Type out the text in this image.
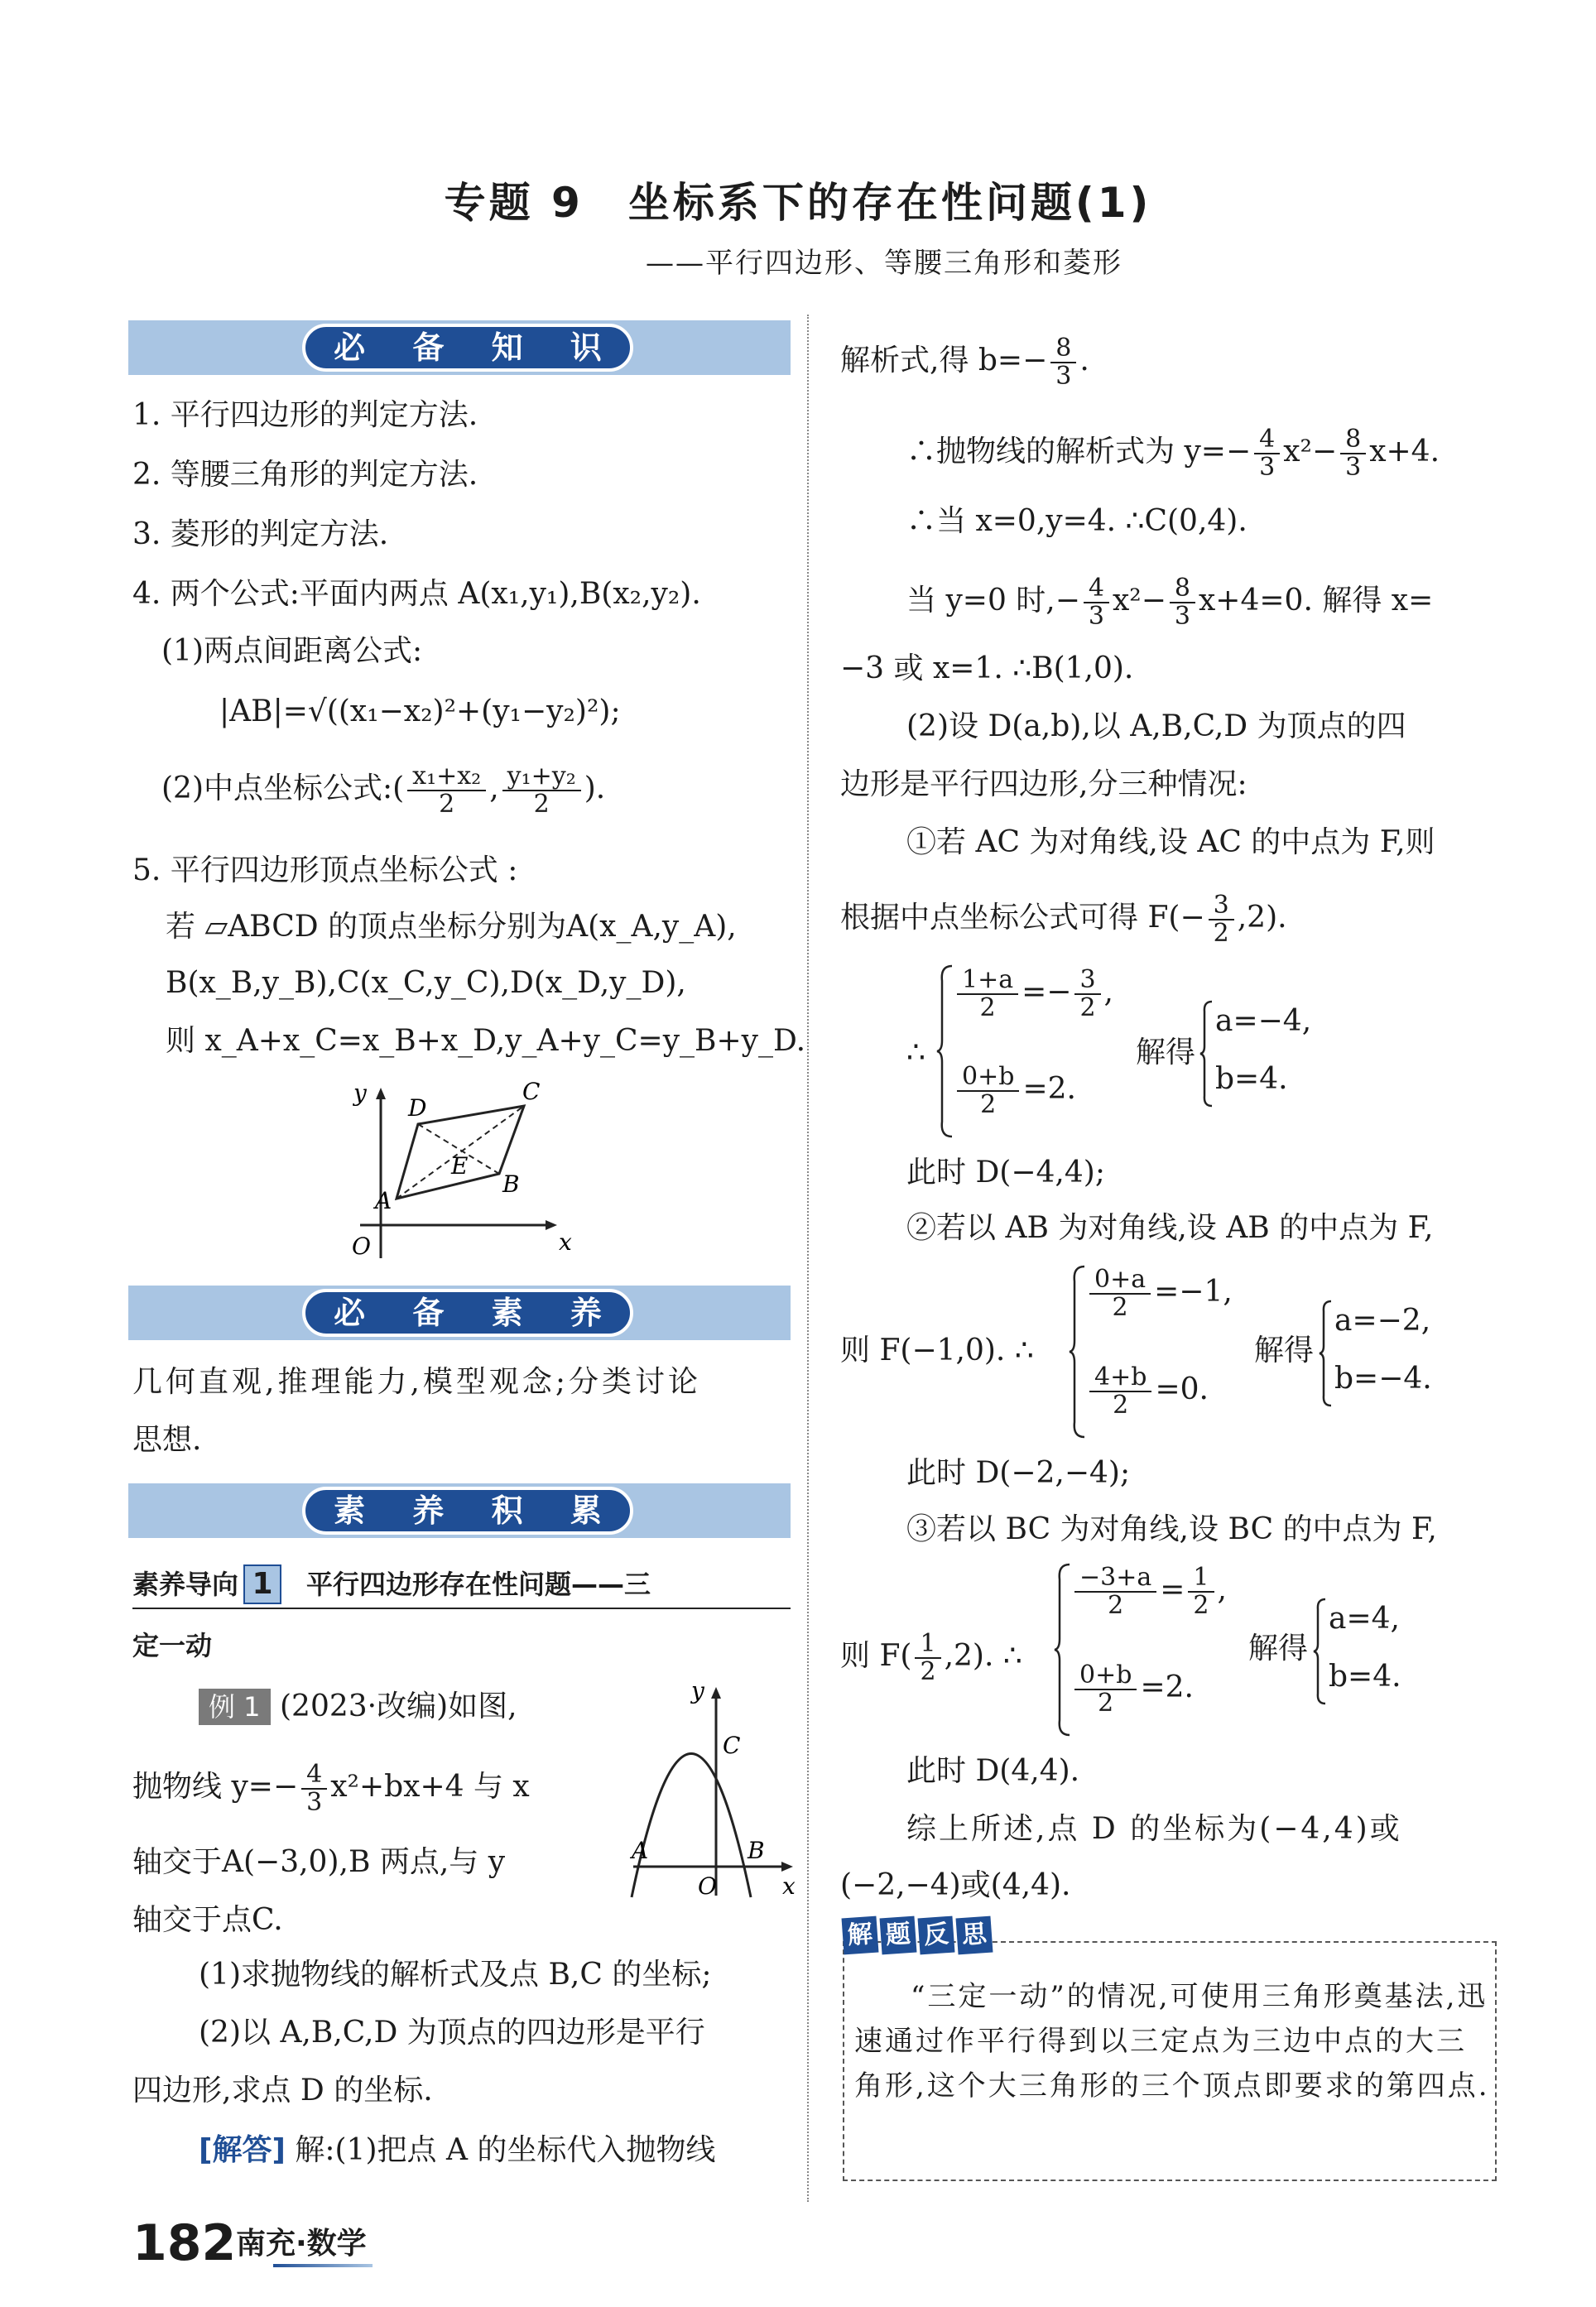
专题 9　坐标系下的存在性问题(1)
——平行四边形、等腰三角形和菱形
必 备 知 识
1. 平行四边形的判定方法.
2. 等腰三角形的判定方法.
3. 菱形的判定方法.
4. 两个公式:平面内两点 A(x₁,y₁),B(x₂,y₂).
(1)两点间距离公式:
|AB|=√((x₁−x₂)²+(y₁−y₂)²);
(2)中点坐标公式:( $\frac{\text{x₁+x₂}}{2}$ , $\frac{\text{y₁+y₂}}{2}$ ).
5. 平行四边形顶点坐标公式 :
若 ▱ABCD 的顶点坐标分别为A(x_A,y_A),
B(x_B,y_B),C(x_C,y_C),D(x_D,y_D),
则 x_A+x_C=x_B+x_D,y_A+y_C=y_B+y_D.
y
x
O
A
B
C
D
E
必 备 素 养
几何直观,推理能力,模型观念;分类讨论
思想.
素 养 积 累
素养导向 1 平行四边形存在性问题——三
定一动
例 1 (2023·改编)如图,
抛物线 $y=- \frac{4}{3} x^2+bx+4$ 与 x
轴交于A(−3,0),B 两点,与 y
轴交于点C.
(1)求抛物线的解析式及点 B,C 的坐标;
(2)以 A,B,C,D 为顶点的四边形是平行
四边形,求点 D 的坐标.
[解答] 解:(1)把点 A 的坐标代入抛物线
y
x
O
A	B
C
解析式,得 $b=- \frac{8}{3}$ .
∴抛物线的解析式为 $y=- \frac{4}{3} x^2- \frac{8}{3} x+4$.
∴当 x=0,y=4. ∴C(0,4).
当 y=0 时,− $\frac{4}{3} x^2- \frac{8}{3} x+4=0$. 解得 x=
−3 或 x=1. ∴B(1,0).
(2)设 D(a,b),以 A,B,C,D 为顶点的四
边形是平行四边形,分三种情况:
①若 AC 为对角线,设 AC 的中点为 F,则
根据中点坐标公式可得 $F(- \frac{3}{2} ,2)$.
∴
$\frac{1+a}{2} =- \frac{3}{2}$ ,
$\frac{0+b}{2} =2$.
解得
a=−4,
b=4.
此时 D(−4,4);
②若以 AB 为对角线,设 AB 的中点为 F,
则 F(−1,0). ∴
$\frac{0+a}{2} =-1$,
$\frac{4+b}{2} =0$.
解得
a=−2,
b=−4.
此时 D(−2,−4);
③若以 BC 为对角线,设 BC 的中点为 F,
则 $F( \frac{1}{2} ,2)$. ∴
$\frac{-3+a}{2} = \frac{1}{2}$ ,
$\frac{0+b}{2} =2$.
解得
a=4,
b=4.
此时 D(4,4).
综上所述,点 D 的坐标为(−4,4)或
(−2,−4)或(4,4).
解 题 反 思
“三定一动”的情况,可使用三角形奠基法,迅速通过作平行得到以三定点为三边中点的大三角形,这个大三角形的三个顶点即要求的第四点.
182 南充·数学
